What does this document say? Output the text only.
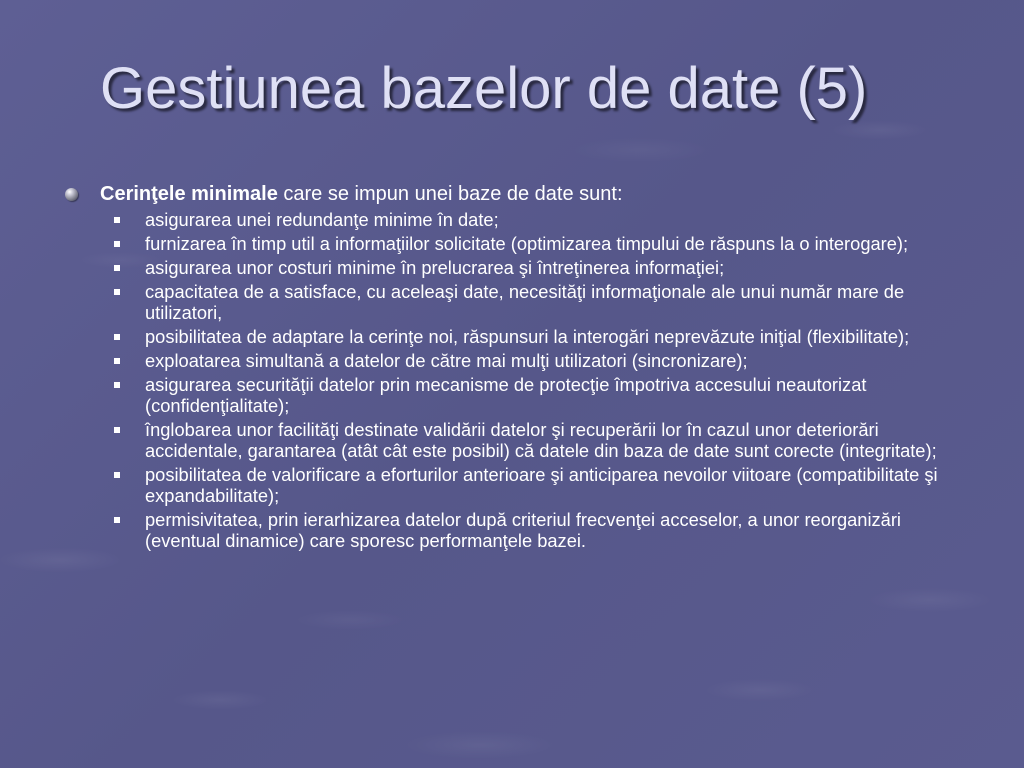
Gestiunea bazelor de date (5)
Cerinţele minimale care se impun unei baze de date sunt:
asigurarea unei redundanţe minime în date;
furnizarea în timp util a informaţiilor solicitate (optimizarea timpului de răspuns la o interogare);
asigurarea unor costuri minime în prelucrarea şi întreţinerea informaţiei;
capacitatea de a satisface, cu aceleaşi date, necesităţi informaţionale ale unui număr mare de utilizatori,
posibilitatea de adaptare la cerinţe noi, răspunsuri la interogări neprevăzute iniţial (flexibilitate);
exploatarea simultană a datelor de către mai mulţi utilizatori (sincronizare);
asigurarea securităţii datelor prin mecanisme de protecţie împotriva accesului neautorizat (confidenţialitate);
înglobarea unor facilităţi destinate validării datelor şi recuperării lor în cazul unor deteriorări accidentale, garantarea (atât cât este posibil) că datele din baza de date sunt corecte (integritate);
posibilitatea de valorificare a eforturilor anterioare şi anticiparea nevoilor viitoare (compatibilitate şi expandabilitate);
permisivitatea, prin ierarhizarea datelor după criteriul frecvenţei acceselor, a unor reorganizări (eventual dinamice) care sporesc performanţele bazei.
